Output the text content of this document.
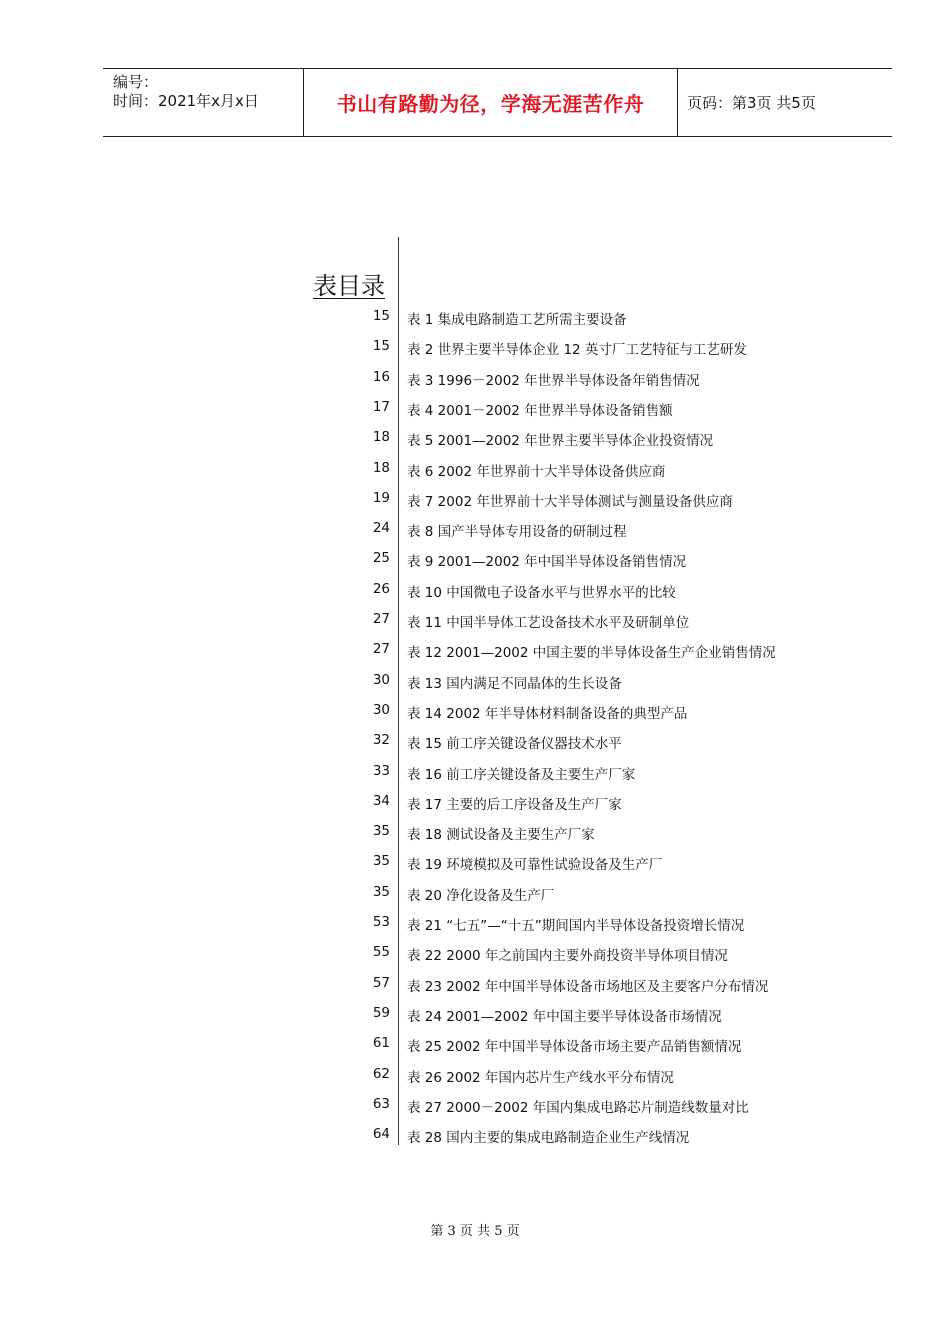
编号：
时间：2021年x月x日	书山有路勤为径，学海无涯苦作舟	页码：第3页 共5页
表目录
15 表 1 集成电路制造工艺所需主要设备
15 表 2 世界主要半导体企业 12 英寸厂工艺特征与工艺研发
16 表 3 1996－2002 年世界半导体设备年销售情况
17 表 4 2001－2002 年世界半导体设备销售额
18 表 5 2001—2002 年世界主要半导体企业投资情况
18 表 6 2002 年世界前十大半导体设备供应商
19 表 7 2002 年世界前十大半导体测试与测量设备供应商
24 表 8 国产半导体专用设备的研制过程
25 表 9 2001—2002 年中国半导体设备销售情况
26 表 10 中国微电子设备水平与世界水平的比较
27 表 11 中国半导体工艺设备技术水平及研制单位
27 表 12 2001—2002 中国主要的半导体设备生产企业销售情况
30 表 13 国内满足不同晶体的生长设备
30 表 14 2002 年半导体材料制备设备的典型产品
32 表 15 前工序关键设备仪器技术水平
33 表 16 前工序关键设备及主要生产厂家
34 表 17 主要的后工序设备及生产厂家
35 表 18 测试设备及主要生产厂家
35 表 19 环境模拟及可靠性试验设备及生产厂
35 表 20 净化设备及生产厂
53 表 21 “七五”—“十五”期间国内半导体设备投资增长情况
55 表 22 2000 年之前国内主要外商投资半导体项目情况
57 表 23 2002 年中国半导体设备市场地区及主要客户分布情况
59 表 24 2001—2002 年中国主要半导体设备市场情况
61 表 25 2002 年中国半导体设备市场主要产品销售额情况
62 表 26 2002 年国内芯片生产线水平分布情况
63 表 27 2000－2002 年国内集成电路芯片制造线数量对比
64 表 28 国内主要的集成电路制造企业生产线情况
第 3 页 共 5 页
